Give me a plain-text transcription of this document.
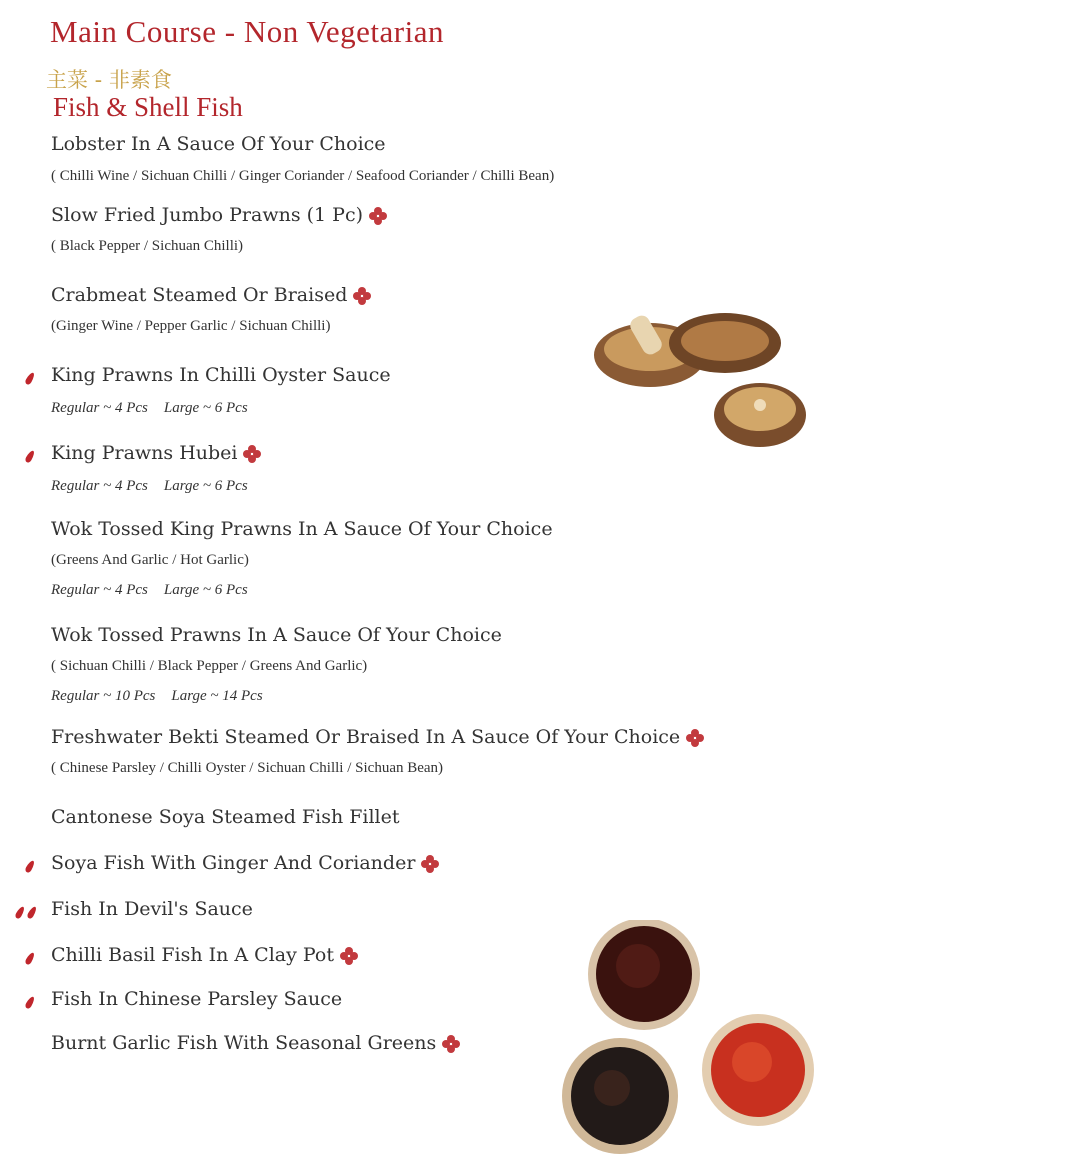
Main Course - Non Vegetarian
主菜 - 非素食
Fish & Shell Fish
Lobster In A Sauce Of Your Choice
( Chilli Wine / Sichuan Chilli / Ginger Coriander / Seafood Coriander / Chilli Bean)
Slow Fried Jumbo Prawns (1 Pc)
( Black Pepper / Sichuan Chilli)
Crabmeat Steamed Or Braised
(Ginger Wine / Pepper Garlic / Sichuan Chilli)
King Prawns In Chilli Oyster Sauce
Regular ~ 4 Pcs Large ~ 6 Pcs
King Prawns Hubei
Regular ~ 4 Pcs Large ~ 6 Pcs
Wok Tossed King Prawns In A Sauce Of Your Choice
(Greens And Garlic / Hot Garlic)
Regular ~ 4 Pcs Large ~ 6 Pcs
Wok Tossed Prawns In A Sauce Of Your Choice
( Sichuan Chilli / Black Pepper / Greens And Garlic)
Regular ~ 10 Pcs Large ~ 14 Pcs
Freshwater Bekti Steamed Or Braised In A Sauce Of Your Choice
( Chinese Parsley / Chilli Oyster / Sichuan Chilli / Sichuan Bean)
Cantonese Soya Steamed Fish Fillet
Soya Fish With Ginger And Coriander
Fish In Devil's Sauce
Chilli Basil Fish In A Clay Pot
Fish In Chinese Parsley Sauce
Burnt Garlic Fish With Seasonal Greens
